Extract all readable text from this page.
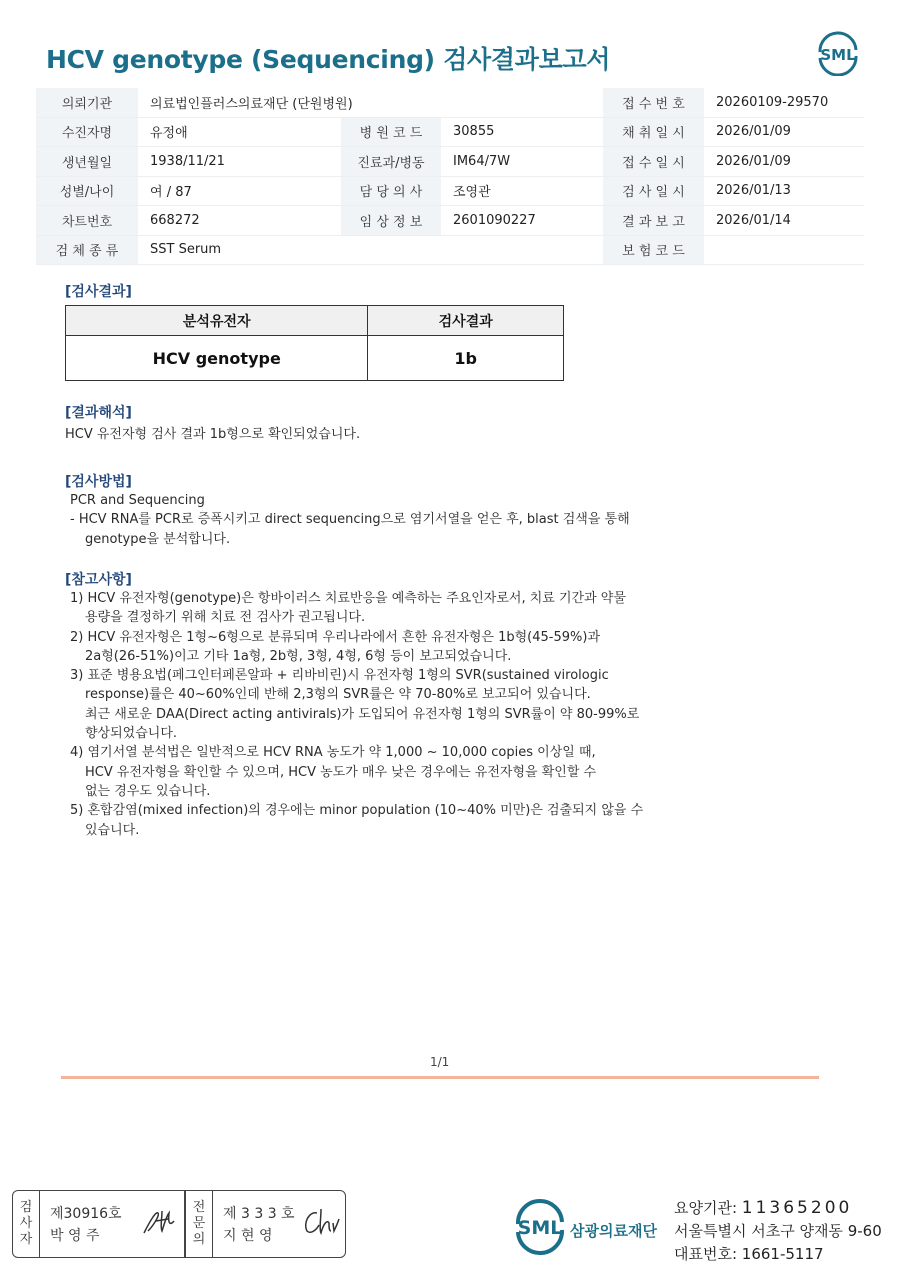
HCV genotype (Sequencing) 검사결과보고서	SML
의뢰기관	의료법인플러스의료재단 (단원병원)			접 수 번 호	20260109-29570
수진자명	유정애	병 원 코 드	30855	채 취 일 시	2026/01/09
생년월일	1938/11/21	진료과/병동	IM64/7W	접 수 일 시	2026/01/09
성별/나이	여 / 87	담 당 의 사	조영관	검 사 일 시	2026/01/13
차트번호	668272	임 상 정 보	2601090227	결 과 보 고	2026/01/14
검 체 종 류	SST Serum			보 험 코 드	
[검사결과]
분석유전자	검사결과
HCV genotype	1b
[결과해석]

HCV 유전자형 검사 결과 1b형으로 확인되었습니다.

[검사방법]

PCR and Sequencing

- HCV RNA를 PCR로 증폭시키고 direct sequencing으로 염기서열을 얻은 후, blast 검색을 통해

genotype을 분석합니다.

[참고사항]

1) HCV 유전자형(genotype)은 항바이러스 치료반응을 예측하는 주요인자로서, 치료 기간과 약물

용량을 결정하기 위해 치료 전 검사가 권고됩니다.

2) HCV 유전자형은 1형~6형으로 분류되며 우리나라에서 흔한 유전자형은 1b형(45-59%)과

2a형(26-51%)이고 기타 1a형, 2b형, 3형, 4형, 6형 등이 보고되었습니다.

3) 표준 병용요법(페그인터페론알파 + 리바비린)시 유전자형 1형의 SVR(sustained virologic

response)률은 40~60%인데 반해 2,3형의 SVR률은 약 70-80%로 보고되어 있습니다.

최근 새로운 DAA(Direct acting antivirals)가 도입되어 유전자형 1형의 SVR률이 약 80-99%로

향상되었습니다.

4) 염기서열 분석법은 일반적으로 HCV RNA 농도가 약 1,000 ~ 10,000 copies 이상일 때,

HCV 유전자형을 확인할 수 있으며, HCV 농도가 매우 낮은 경우에는 유전자형을 확인할 수

없는 경우도 있습니다.

5) 혼합감염(mixed infection)의 경우에는 minor population (10~40% 미만)은 검출되지 않을 수

있습니다.

1/1
검
사
자
제30916호
박 영 주
전
문
의
제 3 3 3 호
지 현 영	SML 삼광의료재단
요양기관: 11365200
서울특별시 서초구 양재동 9-60
대표번호: 1661-5117
